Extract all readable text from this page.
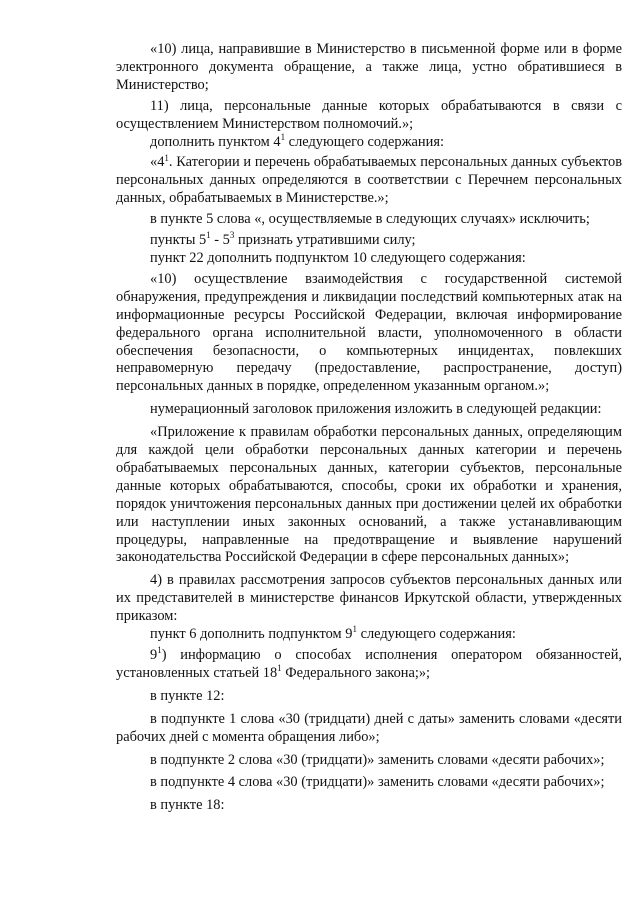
«10) лица, направившие в Министерство в письменной форме или в форме электронного документа обращение, а также лица, устно обратившиеся в Министерство;

11) лица, персональные данные которых обрабатываются в связи с осуществлением Министерством полномочий.»;

дополнить пунктом $4^1$ следующего содержания:

«$4^1$. Категории и перечень обрабатываемых персональных данных субъектов персональных данных определяются в соответствии с Перечнем персональных данных, обрабатываемых в Министерстве.»;

в пункте 5 слова «, осуществляемые в следующих случаях» исключить;

пункты $5^1 - 5^3$ признать утратившими силу;

пункт 22 дополнить подпунктом 10 следующего содержания:

«10) осуществление взаимодействия с государственной системой обнаружения, предупреждения и ликвидации последствий компьютерных атак на информационные ресурсы Российской Федерации, включая информирование федерального органа исполнительной власти, уполномоченного в области обеспечения безопасности, о компьютерных инцидентах, повлекших неправомерную передачу (предоставление, распространение, доступ) персональных данных в порядке, определенном указанным органом.»;

нумерационный заголовок приложения изложить в следующей редакции:

«Приложение к правилам обработки персональных данных, определяющим для каждой цели обработки персональных данных категории и перечень обрабатываемых персональных данных, категории субъектов, персональные данные которых обрабатываются, способы, сроки их обработки и хранения, порядок уничтожения персональных данных при достижении целей их обработки или наступлении иных законных оснований, а также устанавливающим процедуры, направленные на предотвращение и выявление нарушений законодательства Российской Федерации в сфере персональных данных»;

4) в правилах рассмотрения запросов субъектов персональных данных или их представителей в министерстве финансов Иркутской области, утвержденных приказом:

пункт 6 дополнить подпунктом $9^1$ следующего содержания:

$9^1$) информацию о способах исполнения оператором обязанностей, установленных статьей $18^1$ Федерального закона;»;

в пункте 12:

в подпункте 1 слова «30 (тридцати) дней с даты» заменить словами «десяти рабочих дней с момента обращения либо»;

в подпункте 2 слова «30 (тридцати)» заменить словами «десяти рабочих»;

в подпункте 4 слова «30 (тридцати)» заменить словами «десяти рабочих»;

в пункте 18:
